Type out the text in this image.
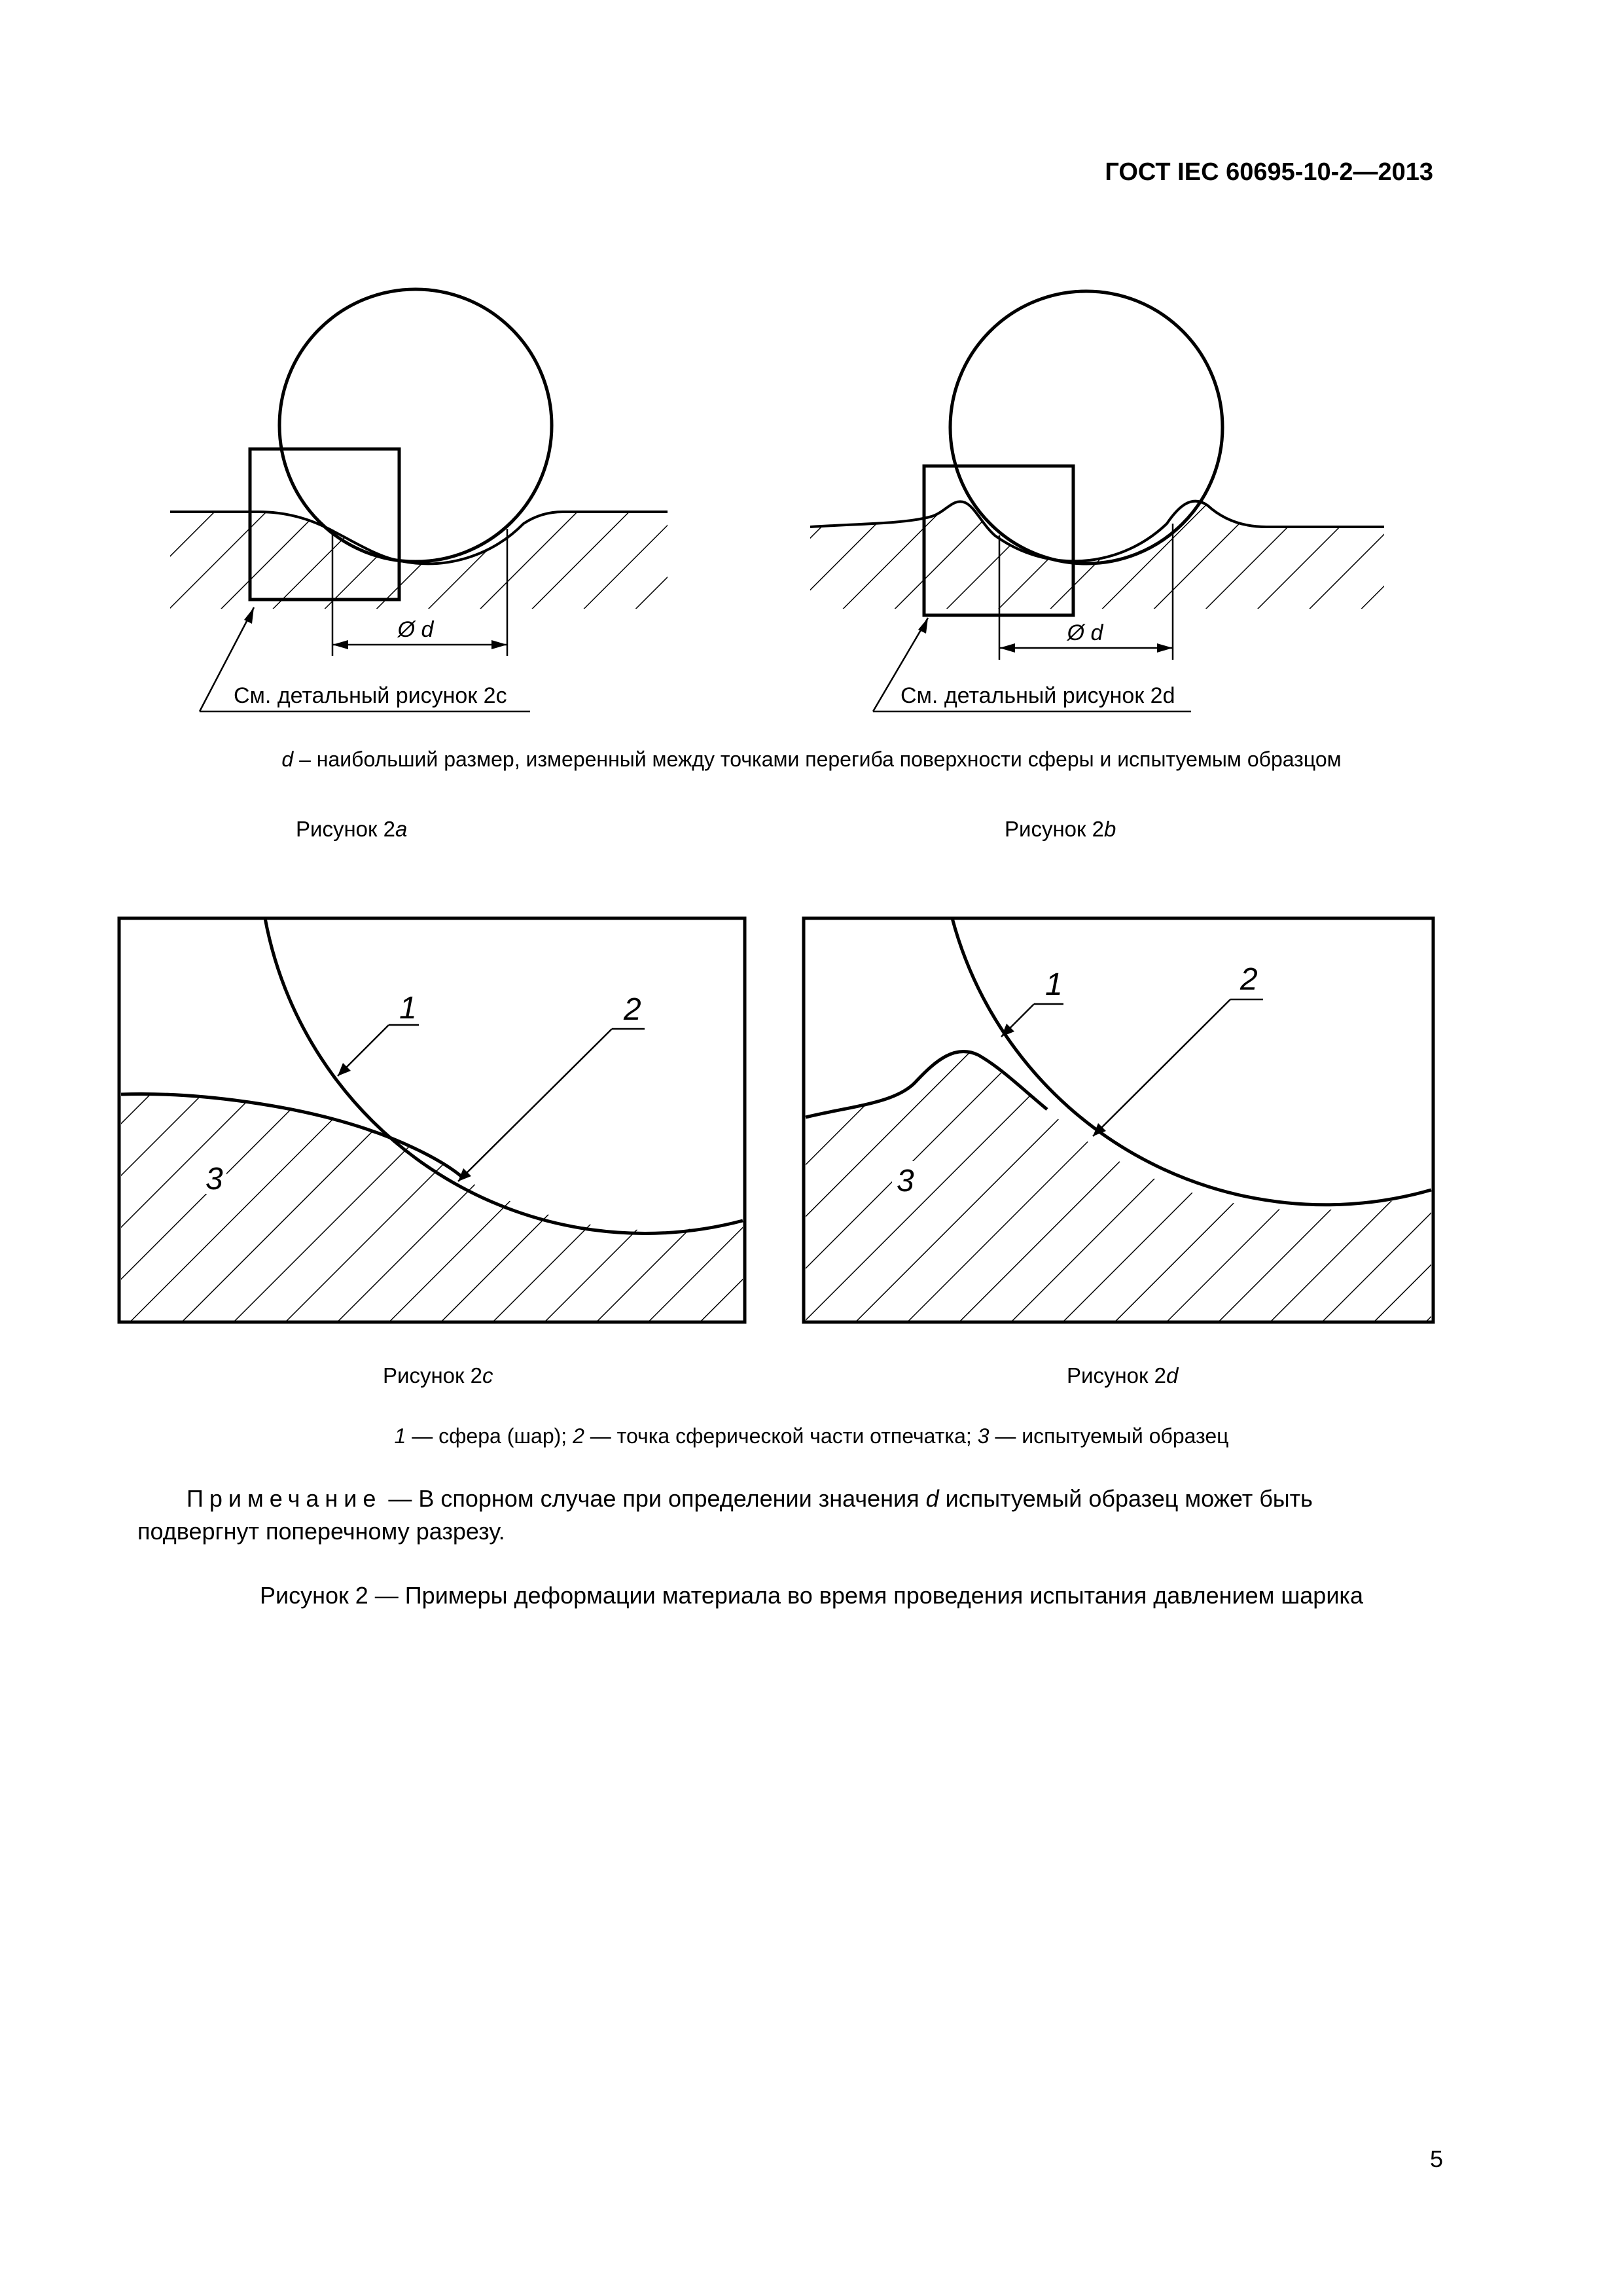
ГОСТ IEC 60695-10-2—2013
Ø d
См. детальный рисунок 2с
Ø d
См. детальный рисунок 2d
1	2
3
1	2
3
d – наибольший размер, измеренный между точками перегиба поверхности сферы и испытуемым образцом
Рисунок 2a	Рисунок 2b
Рисунок 2c	Рисунок 2d
1 — сфера (шар); 2 — точка сферической части отпечатка; 3 — испытуемый образец
Примечание — В спорном случае при определении значения d испытуемый образец может быть подвергнут поперечному разрезу.
Рисунок 2 — Примеры деформации материала во время проведения испытания давлением шарика
5
